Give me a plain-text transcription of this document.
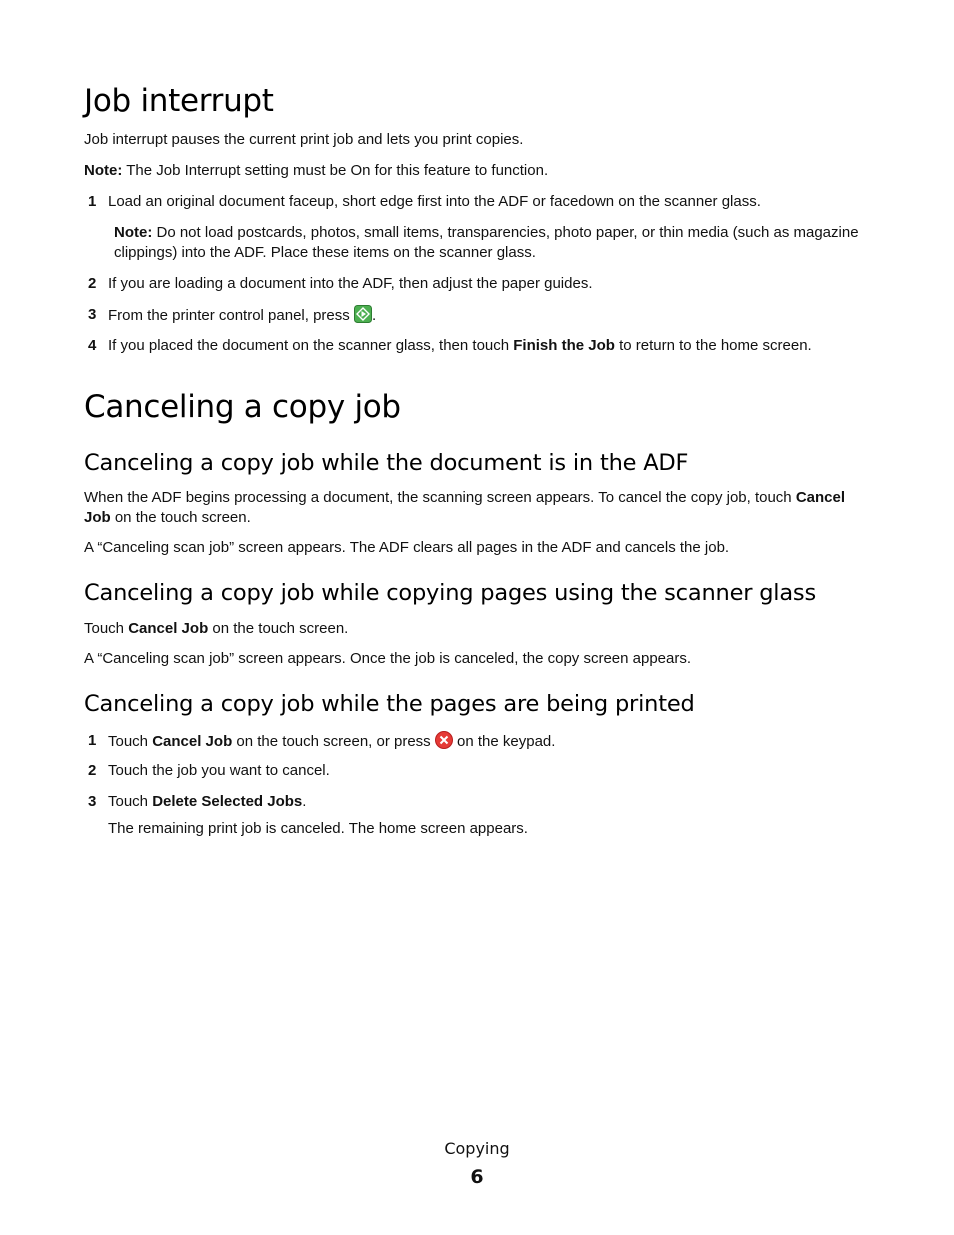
Job interrupt

Job interrupt pauses the current print job and lets you print copies.

Note: The Job Interrupt setting must be On for this feature to function.

1 Load an original document faceup, short edge first into the ADF or facedown on the scanner glass.
Note: Do not load postcards, photos, small items, transparencies, photo paper, or thin media (such as magazine clippings) into the ADF. Place these items on the scanner glass.
2 If you are loading a document into the ADF, then adjust the paper guides.
3 From the printer control panel, press .
4 If you placed the document on the scanner glass, then touch Finish the Job to return to the home screen.
Canceling a copy job
Canceling a copy job while the document is in the ADF

When the ADF begins processing a document, the scanning screen appears. To cancel the copy job, touch Cancel Job on the touch screen.

A “Canceling scan job” screen appears. The ADF clears all pages in the ADF and cancels the job.

Canceling a copy job while copying pages using the scanner glass

Touch Cancel Job on the touch screen.

A “Canceling scan job” screen appears. Once the job is canceled, the copy screen appears.

Canceling a copy job while the pages are being printed
1 Touch Cancel Job on the touch screen, or press  on the keypad.
2 Touch the job you want to cancel.
3 Touch Delete Selected Jobs.
The remaining print job is canceled. The home screen appears.
Copying
6
